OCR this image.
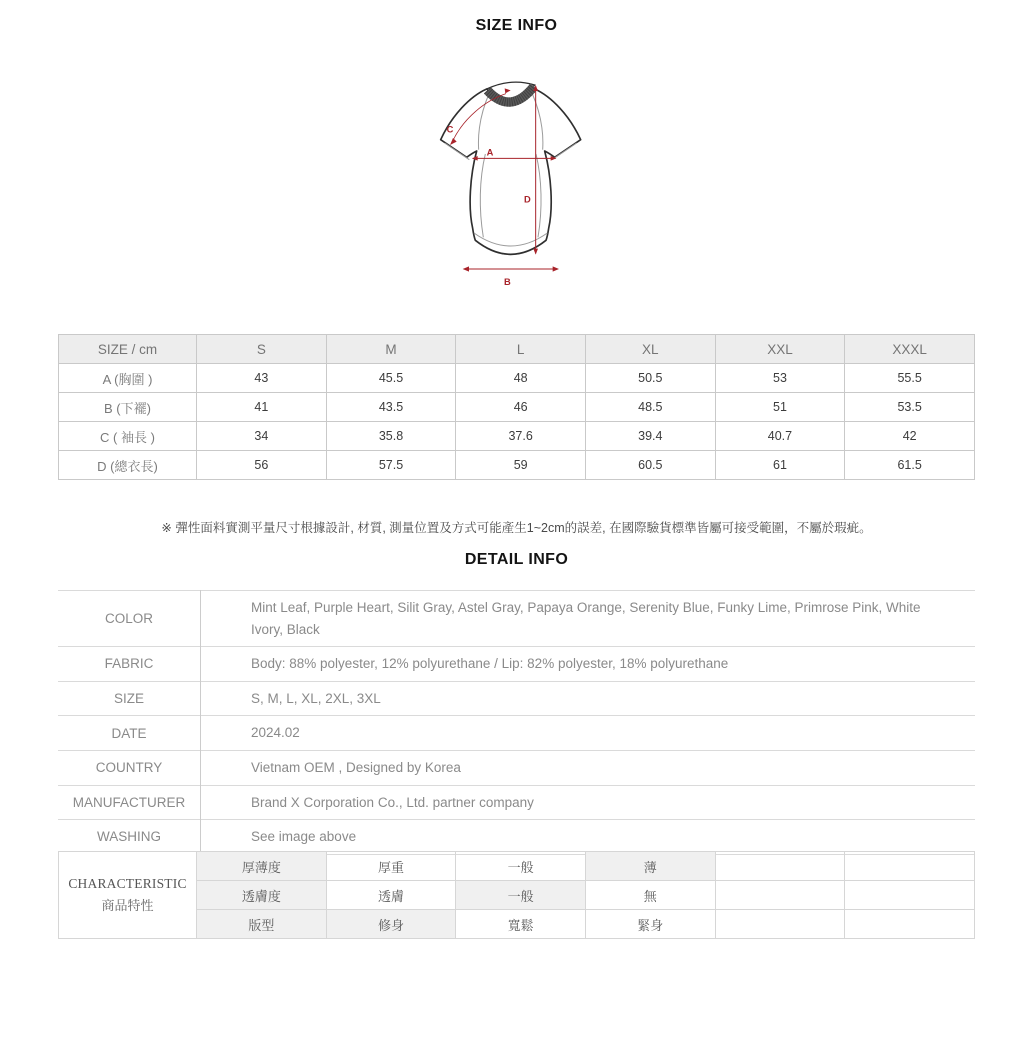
SIZE INFO
A
B
C
D
SIZE / cm	S	M	L	XL	XXL	XXXL
A (胸圍 )	43	45.5	48	50.5	53	55.5
B (下襬)	41	43.5	46	48.5	51	53.5
C ( 袖長 )	34	35.8	37.6	39.4	40.7	42
D (總衣長)	56	57.5	59	60.5	61	61.5
※ 彈性面料實測平量尺寸根據設計, 材質, 測量位置及方式可能產生1~2cm的誤差, 在國際驗貨標準皆屬可接受範圍，不屬於瑕疵。
DETAIL INFO
COLOR	Mint Leaf, Purple Heart, Silit Gray, Astel Gray, Papaya Orange, Serenity Blue, Funky Lime, Primrose Pink, White Ivory, Black
FABRIC	Body: 88% polyester, 12% polyurethane / Lip: 82% polyester, 18% polyurethane
SIZE	S, M, L, XL, 2XL, 3XL
DATE	2024.02
COUNTRY	Vietnam OEM , Designed by Korea
MANUFACTURER	Brand X Corporation Co., Ltd. partner company
WASHING	See image above
CHARACTERISTIC
商品特性	厚薄度	厚重	一般	薄		
	透膚度	透膚	一般	無		
	版型	修身	寬鬆	緊身		
